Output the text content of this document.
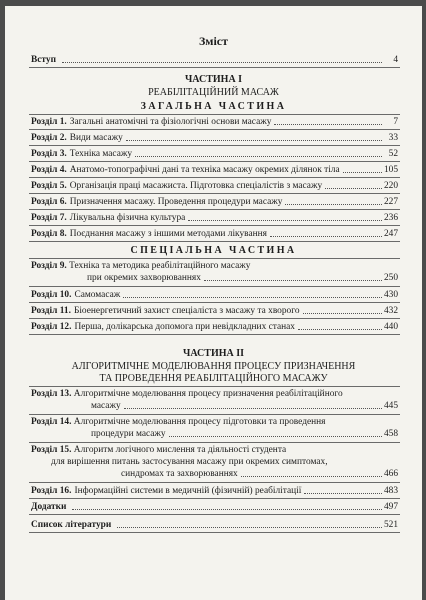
Зміст
Вступ	4
ЧАСТИНА І
РЕАБІЛІТАЦІЙНИЙ МАСАЖ
ЗАГАЛЬНА ЧАСТИНА
Розділ 1. Загальні анатомічні та фізіологічні основи масажу	7
Розділ 2. Види масажу	33
Розділ 3. Техніка масажу	52
Розділ 4. Анатомо-топографічні дані та техніка масажу окремих ділянок тіла	105
Розділ 5. Організація праці масажиста. Підготовка спеціалістів з масажу	220
Розділ 6. Призначення масажу. Проведення процедури масажу	227
Розділ 7. Лікувальна фізична культура	236
Розділ 8. Поєднання масажу з іншими методами лікування	247
СПЕЦІАЛЬНА ЧАСТИНА
Розділ 9. Техніка та методика реабілітаційного масажу
при окремих захворюваннях	250
Розділ 10. Самомасаж	430
Розділ 11. Біоенергетичний захист спеціаліста з масажу та хворого	432
Розділ 12. Перша, долікарська допомога при невідкладних станах	440
ЧАСТИНА ІІ
АЛГОРИТМІЧНЕ МОДЕЛЮВАННЯ ПРОЦЕСУ ПРИЗНАЧЕННЯ
ТА ПРОВЕДЕННЯ РЕАБІЛІТАЦІЙНОГО МАСАЖУ
Розділ 13. Алгоритмічне моделювання процесу призначення реабілітаційного
масажу	445
Розділ 14. Алгоритмічне моделювання процесу підготовки та проведення
процедури масажу	458
Розділ 15. Алгоритм логічного мислення та діяльності студента
для вирішення питань застосування масажу при окремих симптомах,
синдромах та захворюваннях	466
Розділ 16. Інформаційні системи в медичній (фізичній) реабілітації	483
Додатки	497
Список літератури	521
